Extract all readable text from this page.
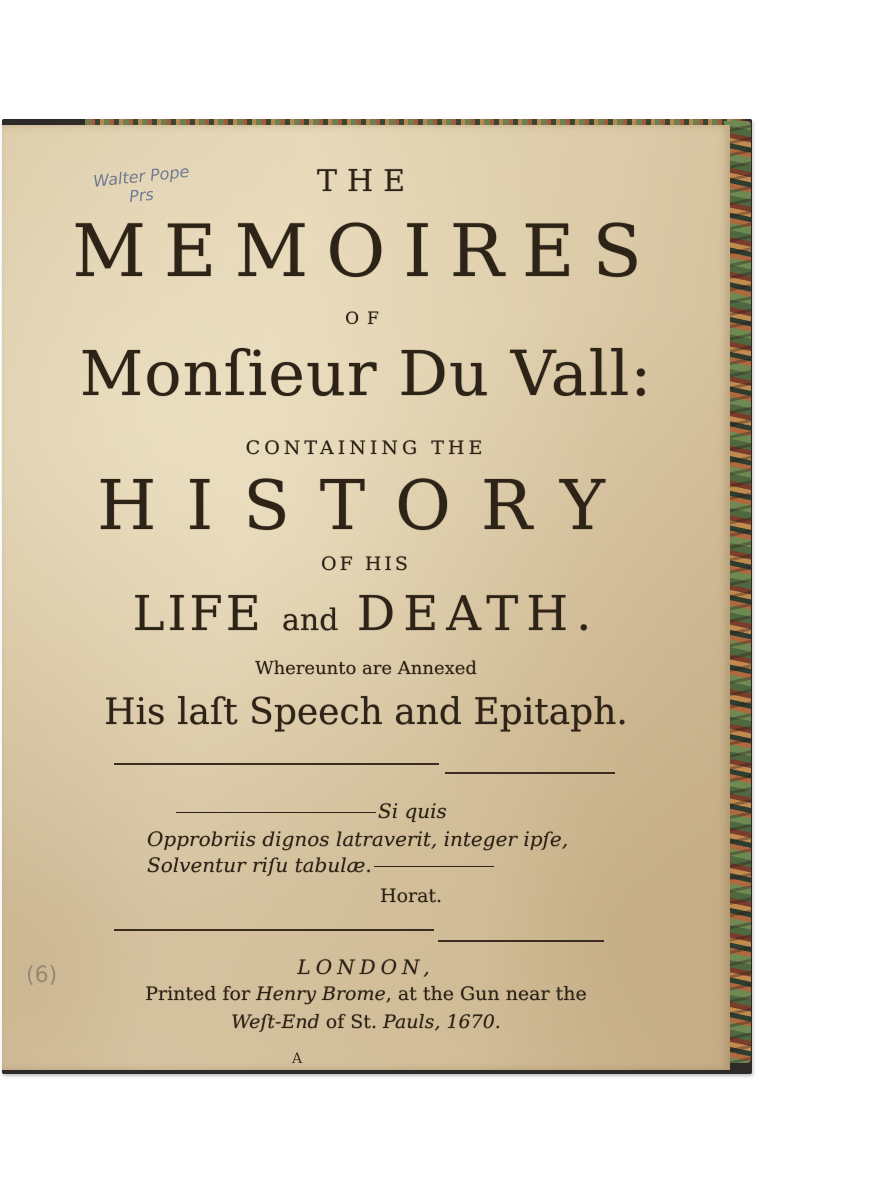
Walter Pope
Prs	THE
MEMOIRES
OF
Monſieur Du Vall:
CONTAINING THE
HISTORY
OF HIS
LIFE and DEATH.
Whereunto are Annexed
His laſt Speech and Epitaph.
Si quis
Opprobriis dignos latraverit, integer ipſe,
Solventur riſu tabulæ.
Horat.
LONDON,
Printed for Henry Brome, at the Gun near the
Weſt-End of St. Pauls, 1670.
A
(6)
